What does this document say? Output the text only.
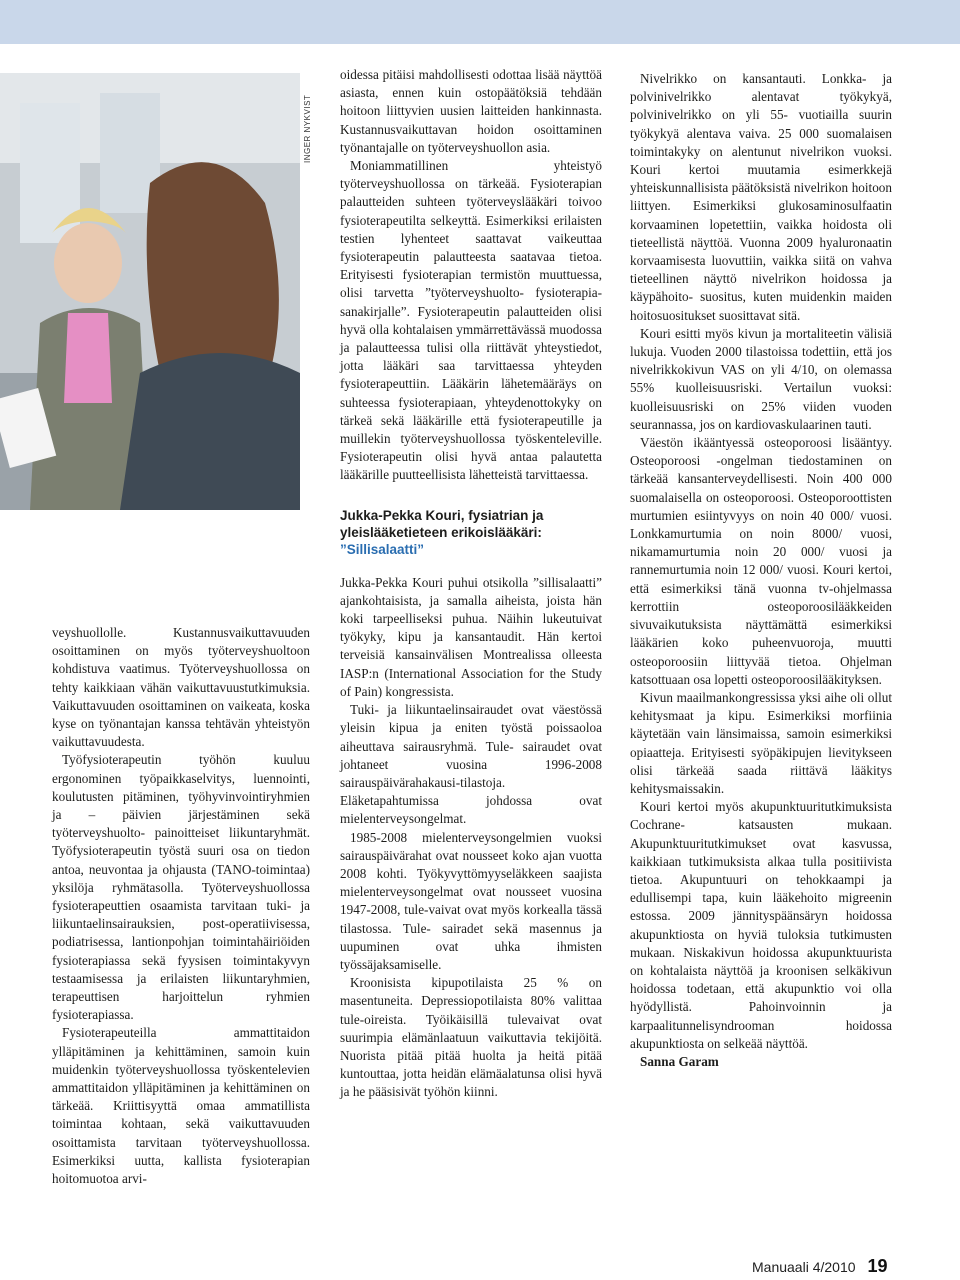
INGER NYKVIST

veyshuollolle. Kustannusvaikuttavuuden osoittaminen on myös työterveyshuoltoon kohdistuva vaatimus. Työterveyshuollossa on tehty kaikkiaan vähän vaikuttavuustutkimuksia. Vaikuttavuuden osoittaminen on vaikeata, koska kyse on työnantajan kanssa tehtävän yhteistyön vaikuttavuudesta.

Työfysioterapeutin työhön kuuluu ergonominen työpaikkaselvitys, luennointi, koulutusten pitäminen, työhyvinvointiryhmien ja – päivien järjestäminen sekä työterveyshuolto- painoitteiset liikuntaryhmät. Työfysioterapeutin työstä suuri osa on tiedon antoa, neuvontaa ja ohjausta (TANO-toimintaa) yksilöja ryhmätasolla. Työterveyshuollossa fysioterapeuttien osaamista tarvitaan tuki- ja liikuntaelinsairauksien, post-operatiivisessa, podiatrisessa, lantionpohjan toimintahäiriöiden fysioterapiassa sekä fyysisen toimintakyvyn testaamisessa ja erilaisten liikuntaryhmien, terapeuttisen harjoittelun ryhmien fysioterapiassa.

Fysioterapeuteilla ammattitaidon ylläpitäminen ja kehittäminen, samoin kuin muidenkin työterveyshuollossa työskentelevien ammattitaidon ylläpitäminen ja kehittäminen on tärkeää. Kriittisyyttä omaa ammatillista toimintaa kohtaan, sekä vaikuttavuuden osoittamista tarvitaan työterveyshuollossa. Esimerkiksi uutta, kallista fysioterapian hoitomuotoa arvi-

oidessa pitäisi mahdollisesti odottaa lisää näyttöä asiasta, ennen kuin ostopäätöksiä tehdään hoitoon liittyvien uusien laitteiden hankinnasta. Kustannusvaikuttavan hoidon osoittaminen työnantajalle on työterveyshuollon asia.

Moniammatillinen yhteistyö työterveyshuollossa on tärkeää. Fysioterapian palautteiden suhteen työterveyslääkäri toivoo fysioterapeutilta selkeyttä. Esimerkiksi erilaisten testien lyhenteet saattavat vaikeuttaa fysioterapeutin palautteesta saatavaa tietoa. Erityisesti fysioterapian termistön muuttuessa, olisi tarvetta ”työterveyshuolto- fysioterapia- sanakirjalle”. Fysioterapeutin palautteiden olisi hyvä olla kohtalaisen ymmärrettävässä muodossa ja palautteessa tulisi olla riittävät yhteystiedot, jotta lääkäri saa tarvittaessa yhteyden fysioterapeuttiin. Lääkärin lähetemääräys on suhteessa fysioterapiaan, yhteydenottokyky on tärkeä sekä lääkärille että fysioterapeutille ja muillekin työterveyshuollossa työskenteleville. Fysioterapeutin olisi hyvä antaa palautetta lääkärille puutteellisista lähetteistä tarvittaessa.

Jukka-Pekka Kouri, fysiatrian ja yleislääketieteen erikoislääkäri:
”Sillisalaatti”

Jukka-Pekka Kouri puhui otsikolla ”sillisalaatti” ajankohtaisista, ja samalla aiheista, joista hän koki tarpeelliseksi puhua. Näihin lukeutuivat työkyky, kipu ja kansantaudit. Hän kertoi terveisiä kansainvälisen Montrealissa olleesta IASP:n (International Association for the Study of Pain) kongressista.

Tuki- ja liikuntaelinsairaudet ovat väestössä yleisin kipua ja eniten työstä poissaoloa aiheuttava sairausryhmä. Tule- sairaudet ovat johtaneet vuosina 1996-2008 sairauspäivärahakausi-tilastoja. Eläketapahtumissa johdossa ovat mielenterveysongelmat.

1985-2008 mielenterveysongelmien vuoksi sairauspäivärahat ovat nousseet koko ajan vuotta 2008 kohti. Työkyvyttömyyseläkkeen saajista mielenterveysongelmat ovat nousseet vuosina 1947-2008, tule-vaivat ovat myös korkealla tässä tilastossa. Tule- sairadet sekä masennus ja uupuminen ovat uhka ihmisten työssäjaksamiselle.

Kroonisista kipupotilaista 25 % on masentuneita. Depressiopotilaista 80% valittaa tule-oireista. Työikäisillä tulevaivat ovat suurimpia elämänlaatuun vaikuttavia tekijöitä. Nuorista pitää pitää huolta ja heitä pitää kuntouttaa, jotta heidän elämäalatunsa olisi hyvä ja he pääsisivät työhön kiinni.

Nivelrikko on kansantauti. Lonkka- ja polvinivelrikko alentavat työkykyä, polvinivelrikko on yli 55- vuotiailla suurin työkykyä alentava vaiva. 25 000 suomalaisen toimintakyky on alentunut nivelrikon vuoksi. Kouri kertoi muutamia esimerkkejä yhteiskunnallisista päätöksistä nivelrikon hoitoon liittyen. Esimerkiksi glukosaminosulfaatin korvaaminen lopetettiin, vaikka hoidosta oli tieteellistä näyttöä. Vuonna 2009 hyaluronaatin korvaamisesta luovuttiin, vaikka siitä on vahva tieteellinen näyttö nivelrikon hoidossa ja käypähoito- suositus, kuten muidenkin maiden hoitosuositukset suosittavat sitä.

Kouri esitti myös kivun ja mortaliteetin välisiä lukuja. Vuoden 2000 tilastoissa todettiin, että jos nivelrikkokivun VAS on yli 4/10, on olemassa 55% kuolleisuusriski. Vertailun vuoksi: kuolleisuusriski on 25% viiden vuoden seurannassa, jos on kardiovaskulaarinen tauti.

Väestön ikääntyessä osteoporoosi lisääntyy. Osteoporoosi -ongelman tiedostaminen on tärkeää kansanterveydellisesti. Noin 400 000 suomalaisella on osteoporoosi. Osteoporoottisten murtumien esiintyvyys on noin 40 000/ vuosi. Lonkkamurtumia on noin 8000/ vuosi, nikamamurtumia noin 20 000/ vuosi ja rannemurtumia noin 12 000/ vuosi. Kouri kertoi, että esimerkiksi tänä vuonna tv-ohjelmassa kerrottiin osteoporoosilääkkeiden sivuvaikutuksista näyttämättä esimerkiksi lääkärien koko puheenvuoroja, muutti osteoporoosiin liittyvää tietoa. Ohjelman katsottuaan osa lopetti osteoporoosilääkityksen.

Kivun maailmankongressissa yksi aihe oli ollut kehitysmaat ja kipu. Esimerkiksi morfiinia käytetään vain länsimaissa, samoin esimerkiksi opiaatteja. Erityisesti syöpäkipujen lievitykseen olisi tärkeää saada riittävä lääkitys kehitysmaissakin.

Kouri kertoi myös akupunktuuritutkimuksista Cochrane- katsausten mukaan. Akupunktuuritutkimukset ovat kasvussa, kaikkiaan tutkimuksista alkaa tulla positiivista tietoa. Akupuntuuri on tehokkaampi ja edullisempi tapa, kuin lääkehoito migreenin estossa. 2009 jännityspäänsäryn hoidossa akupunktiosta on hyviä tuloksia tutkimusten mukaan. Niskakivun hoidossa akupunktuurista on kohtalaista näyttöä ja kroonisen selkäkivun hoidossa todetaan, että akupunktio voi olla hyödyllistä. Pahoinvoinnin ja karpaalitunnelisyndrooman hoidossa akupunktiosta on selkeää näyttöä.

Sanna Garam

Manuaali 4/2010 19
